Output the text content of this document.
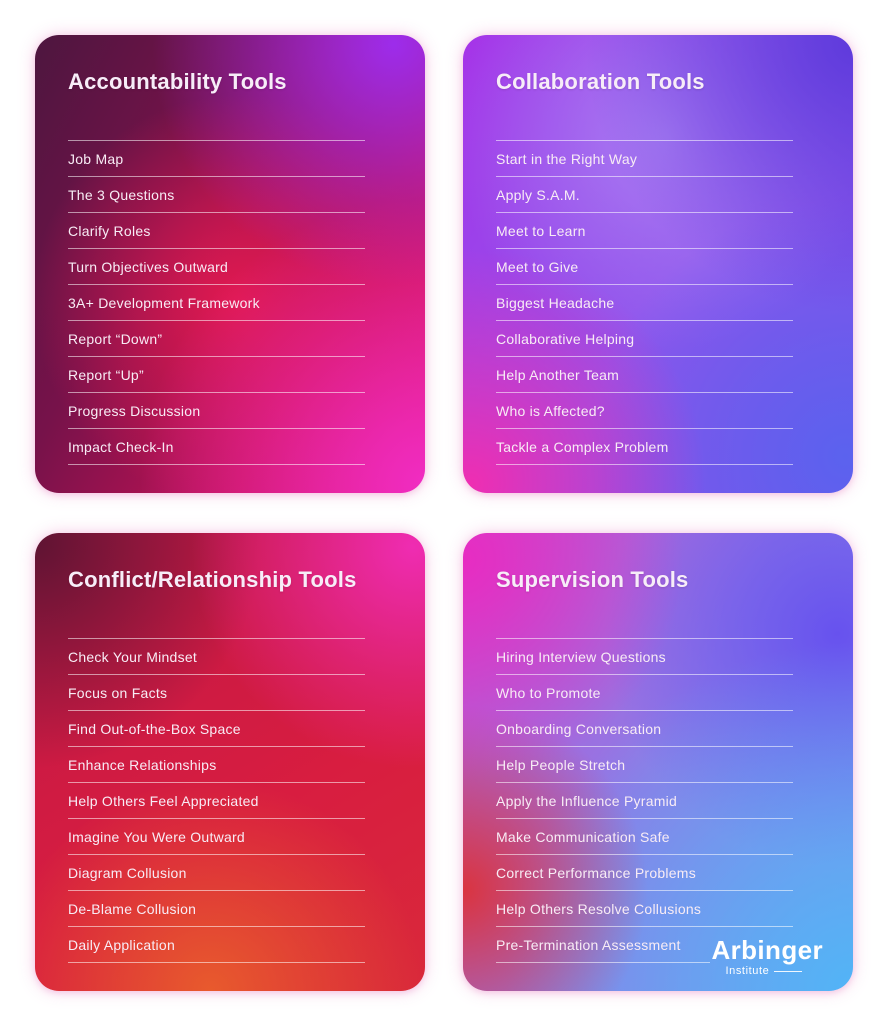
Accountability Tools
Job Map
The 3 Questions
Clarify Roles
Turn Objectives Outward
3A+ Development Framework
Report “Down”
Report “Up”
Progress Discussion
Impact Check-In
Collaboration Tools
Start in the Right Way
Apply S.A.M.
Meet to Learn
Meet to Give
Biggest Headache
Collaborative Helping
Help Another Team
Who is Affected?
Tackle a Complex Problem
Conflict/Relationship Tools
Check Your Mindset
Focus on Facts
Find Out-of-the-Box Space
Enhance Relationships
Help Others Feel Appreciated
Imagine You Were Outward
Diagram Collusion
De-Blame Collusion
Daily Application
Supervision Tools
Hiring Interview Questions
Who to Promote
Onboarding Conversation
Help People Stretch
Apply the Influence Pyramid
Make Communication Safe
Correct Performance Problems
Help Others Resolve Collusions
Pre-Termination Assessment	Arbinger
Institute
